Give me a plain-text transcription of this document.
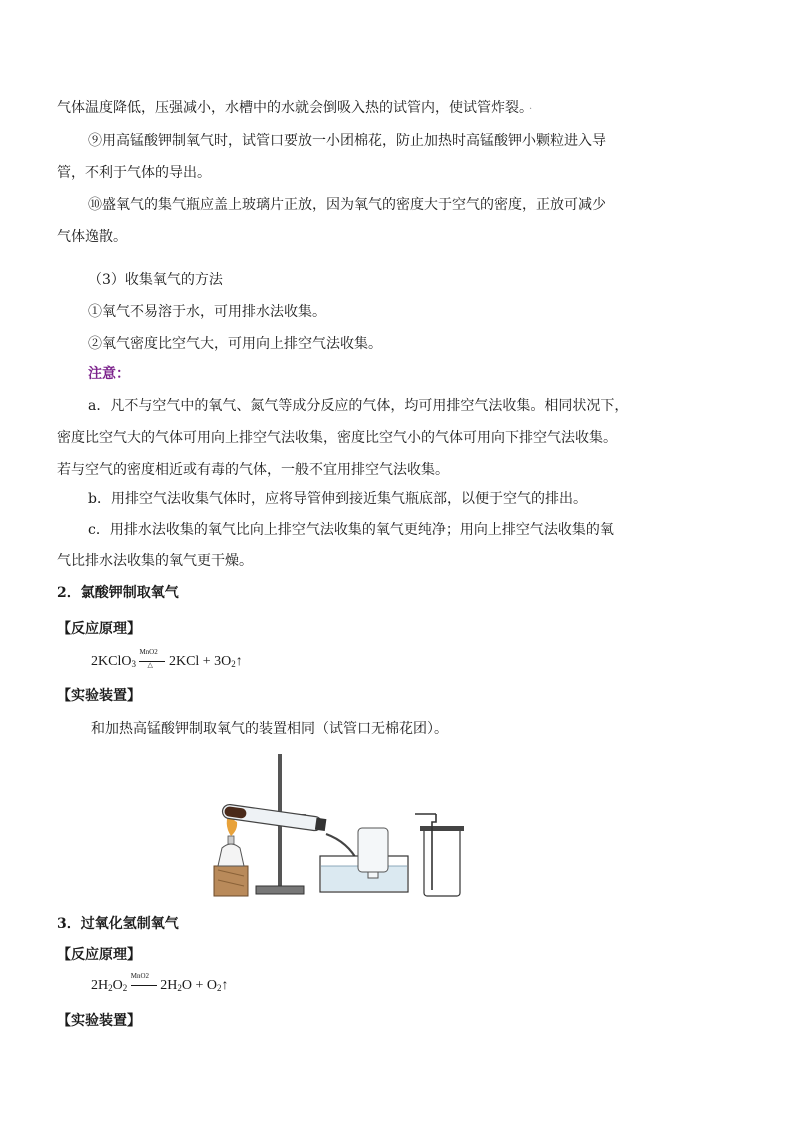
气体温度降低，压强减小，水槽中的水就会倒吸入热的试管内，使试管炸裂。 ·
⑨用高锰酸钾制氧气时，试管口要放一小团棉花，防止加热时高锰酸钾小颗粒进入导
管，不利于气体的导出。
⑩盛氧气的集气瓶应盖上玻璃片正放，因为氧气的密度大于空气的密度，正放可减少
气体逸散。
（3）收集氧气的方法
①氧气不易溶于水，可用排水法收集。
②氧气密度比空气大，可用向上排空气法收集。
注意：
a．凡不与空气中的氧气、氮气等成分反应的气体，均可用排空气法收集。相同状况下，
密度比空气大的气体可用向上排空气法收集，密度比空气小的气体可用向下排空气法收集。
若与空气的密度相近或有毒的气体，一般不宜用排空气法收集。
b．用排空气法收集气体时，应将导管伸到接近集气瓶底部，以便于空气的排出。
c．用排水法收集的氧气比向上排空气法收集的氧气更纯净；用向上排空气法收集的氧
气比排水法收集的氧气更干燥。
2．氯酸钾制取氧气
【反应原理】
2KClO$_3$
MnO2
△ $2KCl + 3O_2↑$
【实验装置】
和加热高锰酸钾制取氧气的装置相同（试管口无棉花团）。
3．过氧化氢制氧气
【反应原理】
$2H_2O_2$
MnO2
$2H_2O$ + $O_2↑$
【实验装置】
